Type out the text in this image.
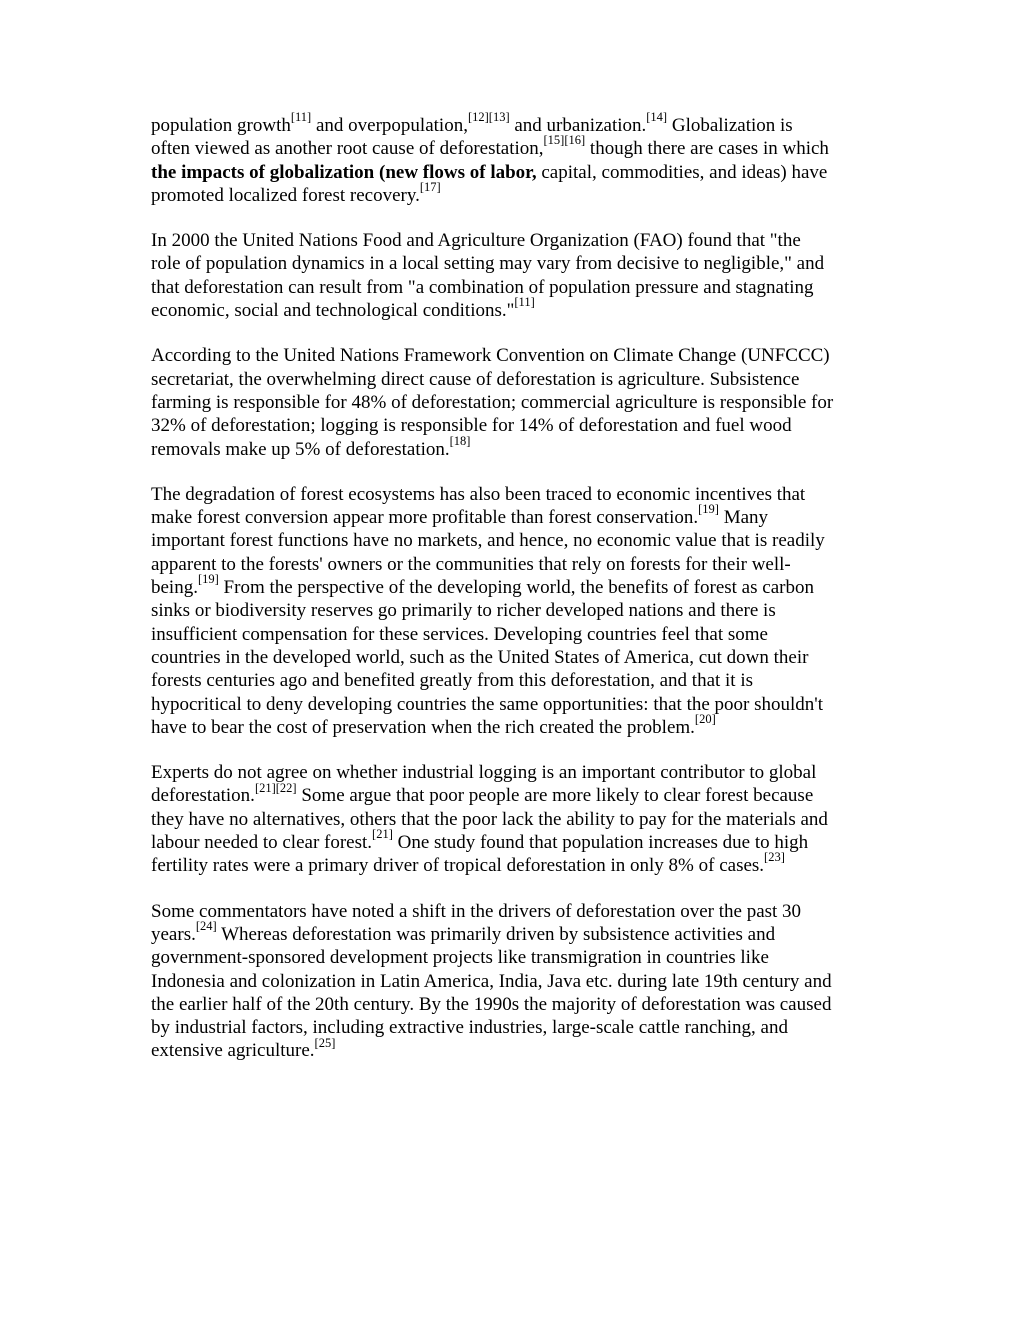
population growth[11] and overpopulation,[12][13] and urbanization.[14] Globalization is
often viewed as another root cause of deforestation,[15][16] though there are cases in which
the impacts of globalization (new flows of labor, capital, commodities, and ideas) have
promoted localized forest recovery.[17]

In 2000 the United Nations Food and Agriculture Organization (FAO) found that "the
role of population dynamics in a local setting may vary from decisive to negligible," and
that deforestation can result from "a combination of population pressure and stagnating
economic, social and technological conditions."[11]

According to the United Nations Framework Convention on Climate Change (UNFCCC)
secretariat, the overwhelming direct cause of deforestation is agriculture. Subsistence
farming is responsible for 48% of deforestation; commercial agriculture is responsible for
32% of deforestation; logging is responsible for 14% of deforestation and fuel wood
removals make up 5% of deforestation.[18]

The degradation of forest ecosystems has also been traced to economic incentives that
make forest conversion appear more profitable than forest conservation.[19] Many
important forest functions have no markets, and hence, no economic value that is readily
apparent to the forests' owners or the communities that rely on forests for their well-
being.[19] From the perspective of the developing world, the benefits of forest as carbon
sinks or biodiversity reserves go primarily to richer developed nations and there is
insufficient compensation for these services. Developing countries feel that some
countries in the developed world, such as the United States of America, cut down their
forests centuries ago and benefited greatly from this deforestation, and that it is
hypocritical to deny developing countries the same opportunities: that the poor shouldn't
have to bear the cost of preservation when the rich created the problem.[20]

Experts do not agree on whether industrial logging is an important contributor to global
deforestation.[21][22] Some argue that poor people are more likely to clear forest because
they have no alternatives, others that the poor lack the ability to pay for the materials and
labour needed to clear forest.[21] One study found that population increases due to high
fertility rates were a primary driver of tropical deforestation in only 8% of cases.[23]

Some commentators have noted a shift in the drivers of deforestation over the past 30
years.[24] Whereas deforestation was primarily driven by subsistence activities and
government-sponsored development projects like transmigration in countries like
Indonesia and colonization in Latin America, India, Java etc. during late 19th century and
the earlier half of the 20th century. By the 1990s the majority of deforestation was caused
by industrial factors, including extractive industries, large-scale cattle ranching, and
extensive agriculture.[25]
